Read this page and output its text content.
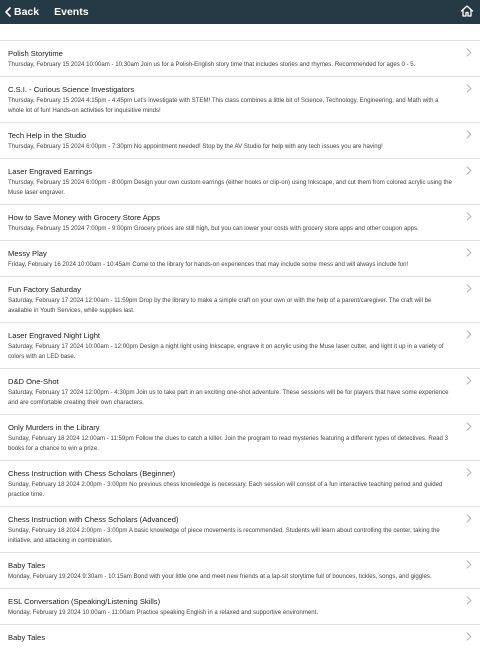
Back Events
Polish Storytime
Thursday, February 15 2024 10:00am - 10:30am Join us for a Polish-English story time that includes stories and rhymes. Recommended for ages 0 - 5.
C.S.I. - Curious Science Investigators
Thursday, February 15 2024 4:15pm - 4:45pm Let's investigate with STEM! This class combines a little bit of Science, Technology, Engineering, and Math with a whole lot of fun! Hands-on activities for inquisitive minds!
Tech Help in the Studio
Thursday, February 15 2024 6:00pm - 7:30pm No appointment needed! Stop by the AV Studio for help with any tech issues you are having!
Laser Engraved Earrings
Thursday, February 15 2024 6:00pm - 8:00pm Design your own custom earrings (either hooks or clip-on) using Inkscape, and cut them from colored acrylic using the Muse laser engraver.
How to Save Money with Grocery Store Apps
Thursday, February 15 2024 7:00pm - 9:00pm Grocery prices are still high, but you can lower your costs with grocery store apps and other coupon apps.
Messy Play
Friday, February 16 2024 10:00am - 10:45am Come to the library for hands-on experiences that may include some mess and will always include fun!
Fun Factory Saturday
Saturday, February 17 2024 12:00am - 11:59pm Drop by the library to make a simple craft on your own or with the help of a parent/caregiver. The craft will be available in Youth Services, while supplies last.
Laser Engraved Night Light
Saturday, February 17 2024 10:00am - 12:00pm Design a night light using Inkscape, engrave it on acrylic using the Muse laser cutter, and light it up in a variety of colors with an LED base.
D&D One-Shot
Saturday, February 17 2024 12:00pm - 4:30pm Join us to take part in an exciting one-shot adventure. These sessions will be for players that have some experience and are comfortable creating their own characters.
Only Murders in the Library
Sunday, February 18 2024 12:00am - 11:59pm Follow the clues to catch a killer. Join the program to read mysteries featuring a different types of detectives. Read 3 books for a chance to win a prize.
Chess Instruction with Chess Scholars (Beginner)
Sunday, February 18 2024 2:00pm - 3:00pm No previous chess knowledge is necessary. Each session will consist of a fun interactive teaching period and guided practice time.
Chess Instruction with Chess Scholars (Advanced)
Sunday, February 18 2024 2:00pm - 3:00pm A basic knowledge of piece movements is recommended. Students will learn about controlling the center, taking the initiative, and attacking in combination.
Baby Tales
Monday, February 19 2024 9:30am - 10:15am Bond with your little one and meet new friends at a lap-sit storytime full of bounces, tickles, songs, and giggles.
ESL Conversation (Speaking/Listening Skills)
Monday, February 19 2024 10:00am - 11:00am Practice speaking English in a relaxed and supportive environment.
Baby Tales
